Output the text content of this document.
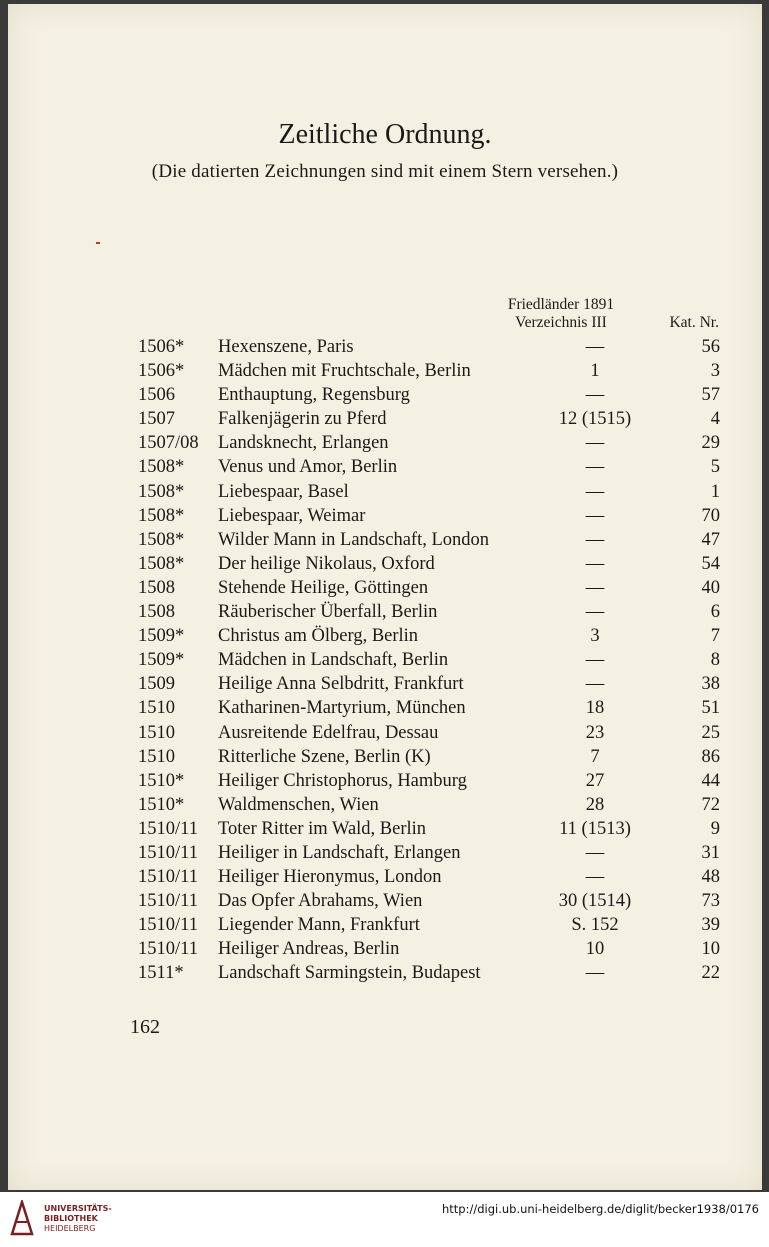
Zeitliche Ordnung.
(Die datierten Zeichnungen sind mit einem Stern versehen.)
Friedländer 1891
Verzeichnis III	Kat. Nr.
1506* Hexenszene, Paris	—	56
1506* Mädchen mit Fruchtschale, Berlin	1	3
1506 Enthauptung, Regensburg	—	57
1507 Falkenjägerin zu Pferd	12 (1515)	4
1507/08 Landsknecht, Erlangen	—	29
1508* Venus und Amor, Berlin	—	5
1508* Liebespaar, Basel	—	1
1508* Liebespaar, Weimar	—	70
1508* Wilder Mann in Landschaft, London	—	47
1508* Der heilige Nikolaus, Oxford	—	54
1508 Stehende Heilige, Göttingen	—	40
1508 Räuberischer Überfall, Berlin	—	6
1509* Christus am Ölberg, Berlin	3	7
1509* Mädchen in Landschaft, Berlin	—	8
1509 Heilige Anna Selbdritt, Frankfurt	—	38
1510 Katharinen-Martyrium, München	18	51
1510 Ausreitende Edelfrau, Dessau	23	25
1510 Ritterliche Szene, Berlin (K)	7	86
1510* Heiliger Christophorus, Hamburg	27	44
1510* Waldmenschen, Wien	28	72
1510/11 Toter Ritter im Wald, Berlin	11 (1513)	9
1510/11 Heiliger in Landschaft, Erlangen	—	31
1510/11 Heiliger Hieronymus, London	—	48
1510/11 Das Opfer Abrahams, Wien	30 (1514)	73
1510/11 Liegender Mann, Frankfurt	S. 152	39
1510/11 Heiliger Andreas, Berlin	10	10
1511* Landschaft Sarmingstein, Budapest	—	22
162
UNIVERSITÄTS-
BIBLIOTHEK
HEIDELBERG
http://digi.ub.uni-heidelberg.de/diglit/becker1938/0176
